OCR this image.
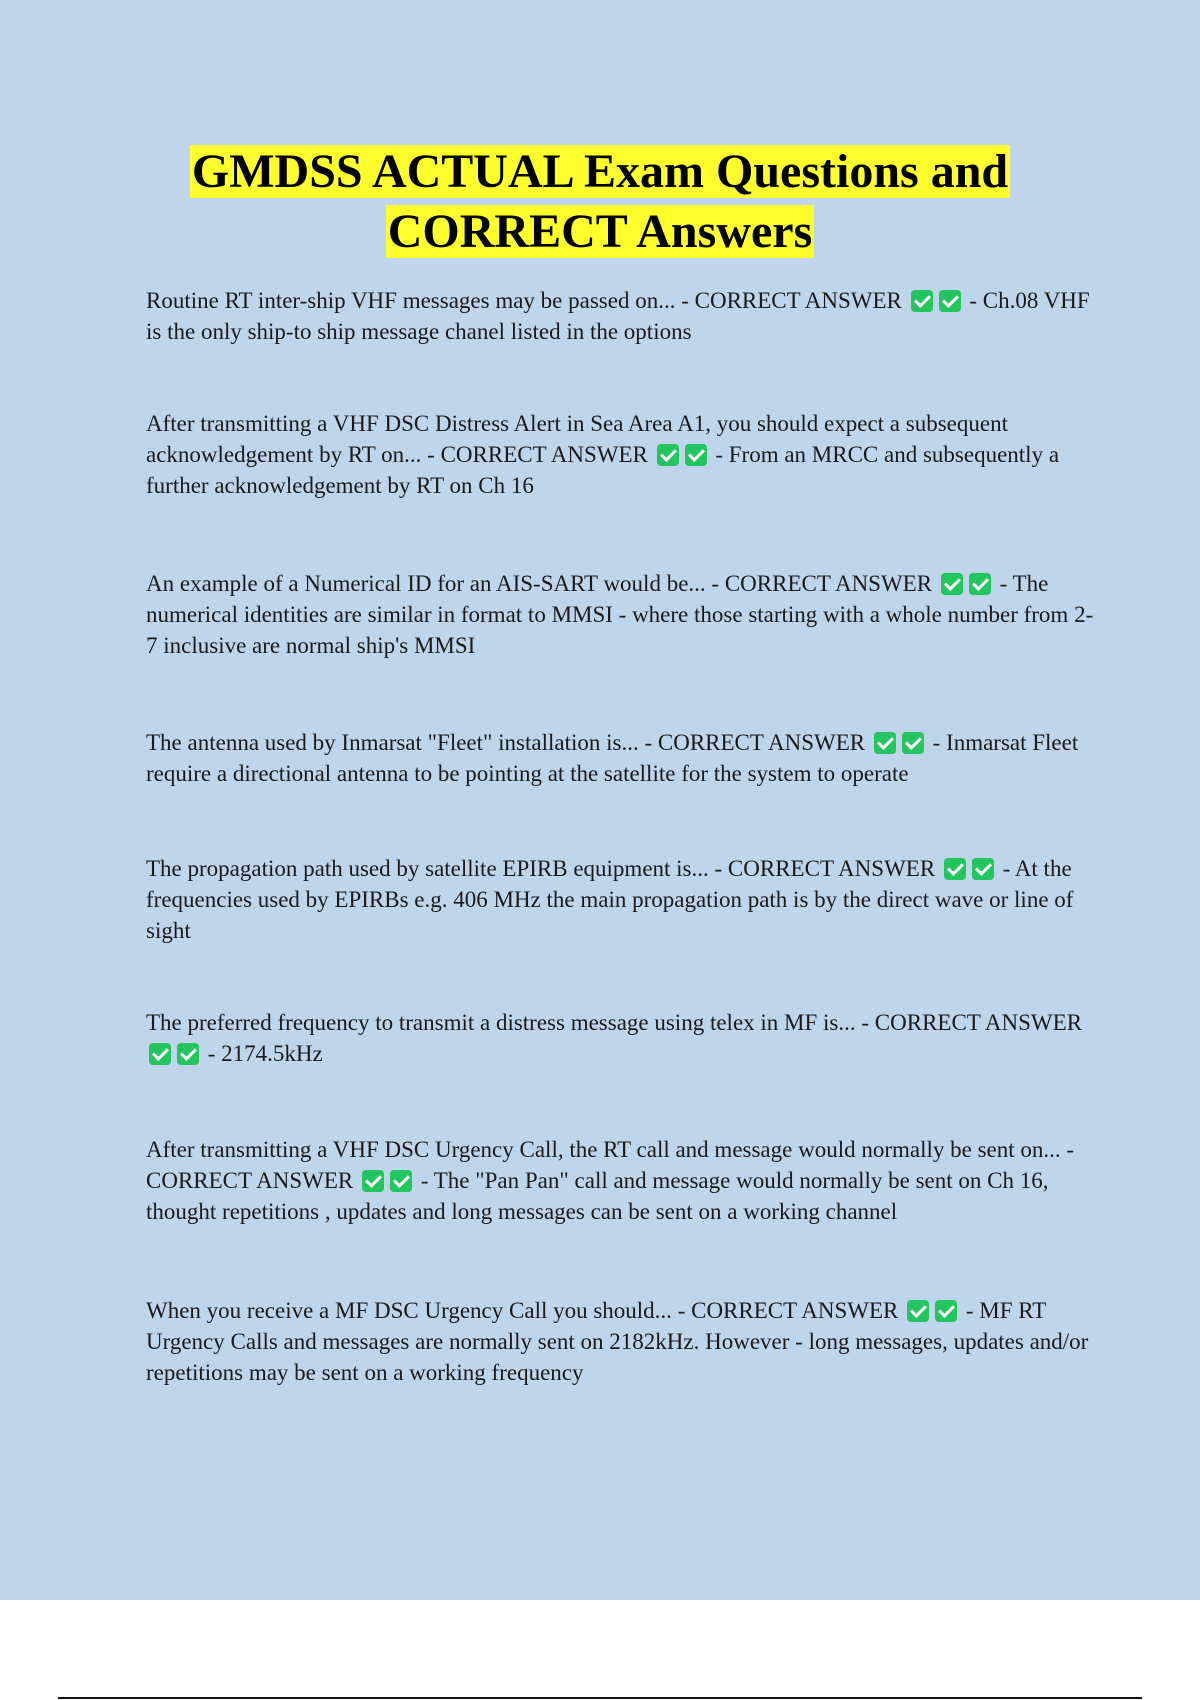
GMDSS ACTUAL Exam Questions and
CORRECT Answers

Routine RT inter-ship VHF messages may be passed on... - CORRECT ANSWER	- Ch.08 VHF is the only ship-to ship message chanel listed in the options

After transmitting a VHF DSC Distress Alert in Sea Area A1, you should expect a subsequent acknowledgement by RT on... - CORRECT ANSWER	- From an MRCC and subsequently a further acknowledgement by RT on Ch 16

An example of a Numerical ID for an AIS-SART would be... - CORRECT ANSWER	- The numerical identities are similar in format to MMSI - where those starting with a whole number from 2-7 inclusive are normal ship's MMSI

The antenna used by Inmarsat "Fleet" installation is... - CORRECT ANSWER	- Inmarsat Fleet require a directional antenna to be pointing at the satellite for the system to operate

The propagation path used by satellite EPIRB equipment is... - CORRECT ANSWER	- At the frequencies used by EPIRBs e.g. 406 MHz the main propagation path is by the direct wave or line of sight

The preferred frequency to transmit a distress message using telex in MF is... - CORRECT ANSWER  - 2174.5kHz

After transmitting a VHF DSC Urgency Call, the RT call and message would normally be sent on... - CORRECT ANSWER	- The "Pan Pan" call and message would normally be sent on Ch 16, thought repetitions , updates and long messages can be sent on a working channel

When you receive a MF DSC Urgency Call you should... - CORRECT ANSWER	- MF RT Urgency Calls and messages are normally sent on 2182kHz. However - long messages, updates and/or repetitions may be sent on a working frequency
